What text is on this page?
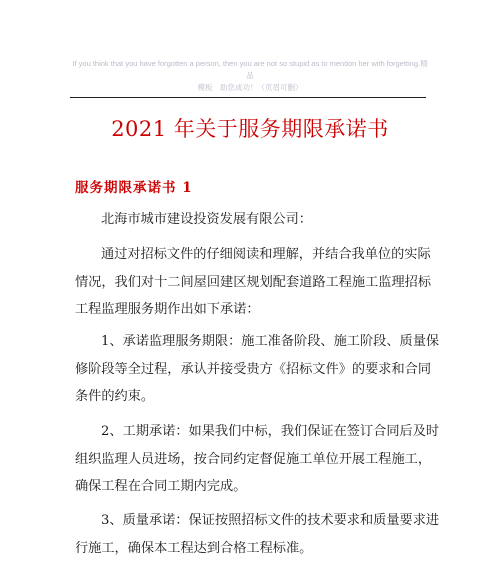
If you think that you have forgotten a person, then you are not so stupid as to mention her with forgetting.精品
模板　助您成功！（页眉可删）
2021 年关于服务期限承诺书
服务期限承诺书 1
北海市城市建设投资发展有限公司：
通过对招标文件的仔细阅读和理解，并结合我单位的实际
情况，我们对十二间屋回建区规划配套道路工程施工监理招标
工程监理服务期作出如下承诺：
1、承诺监理服务期限：施工准备阶段、施工阶段、质量保
修阶段等全过程，承认并接受贵方《招标文件》的要求和合同
条件的约束。
2、工期承诺：如果我们中标，我们保证在签订合同后及时
组织监理人员进场，按合同约定督促施工单位开展工程施工，
确保工程在合同工期内完成。
3、质量承诺：保证按照招标文件的技术要求和质量要求进
行施工，确保本工程达到合格工程标准。
